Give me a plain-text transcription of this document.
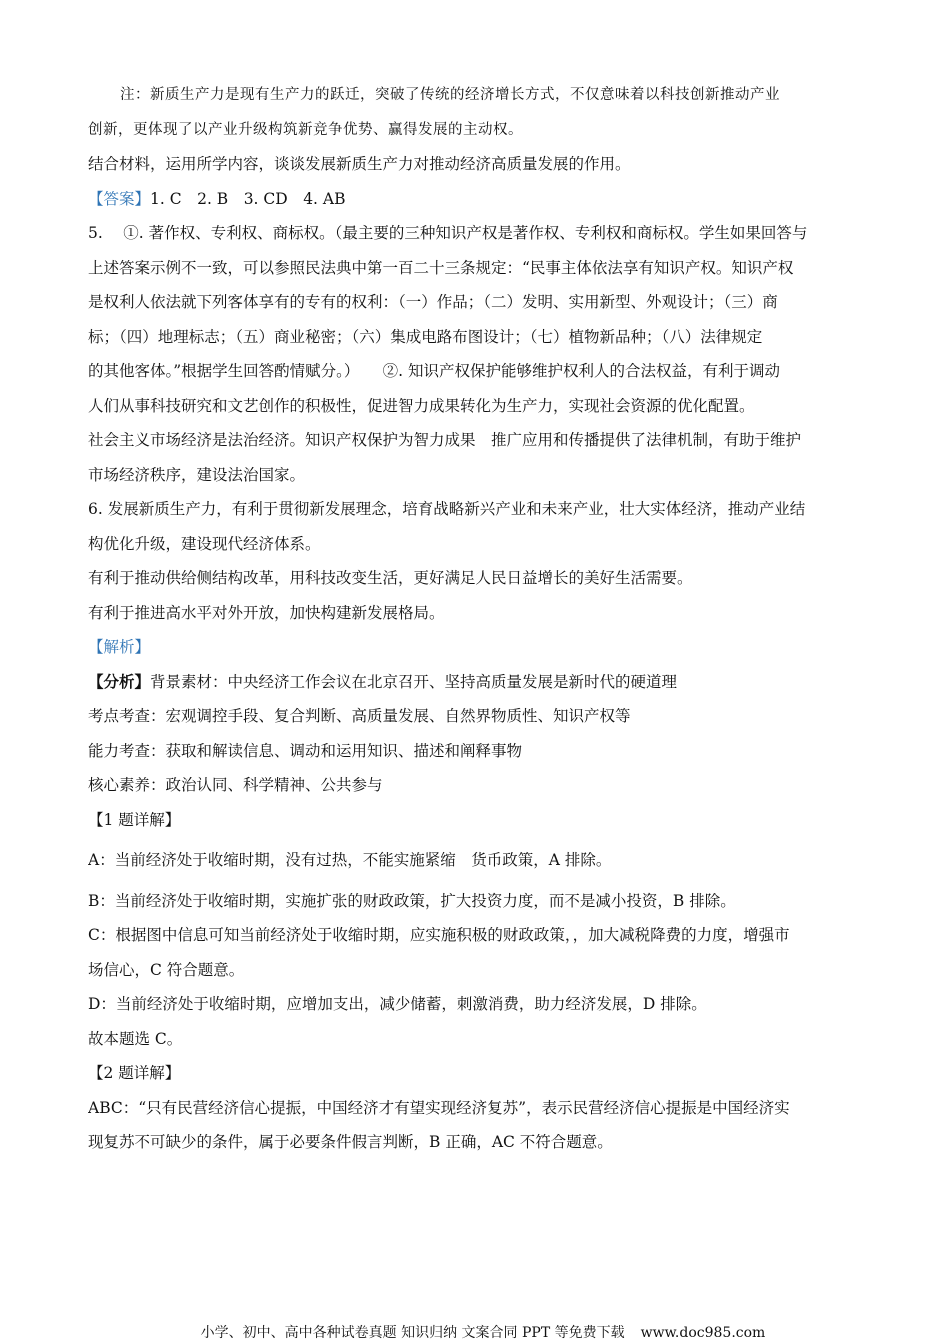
注：新质生产力是现有生产力的跃迁，突破了传统的经济增长方式，不仅意味着以科技创新推动产业
创新，更体现了以产业升级构筑新竞争优势、赢得发展的主动权。
结合材料，运用所学内容，谈谈发展新质生产力对推动经济高质量发展的作用。
【答案】1. C　2. B　3. CD　4. AB
5.　 ①. 著作权、专利权、商标权。（最主要的三种知识产权是著作权、专利权和商标权。学生如果回答与
上述答案示例不一致，可以参照民法典中第一百二十三条规定：“民事主体依法享有知识产权。知识产权
是权利人依法就下列客体享有的专有的权利：（一）作品；（二）发明、实用新型、外观设计；（三）商
标；（四）地理标志；（五）商业秘密；（六）集成电路布图设计；（七）植物新品种；（八）法律规定
的其他客体。”根据学生回答酌情赋分。）　　②. 知识产权保护能够维护权利人的合法权益，有利于调动
人们从事科技研究和文艺创作的积极性，促进智力成果转化为生产力，实现社会资源的优化配置。
社会主义市场经济是法治经济。知识产权保护为智力成果　推广应用和传播提供了法律机制，有助于维护
市场经济秩序，建设法治国家。
6. 发展新质生产力，有利于贯彻新发展理念，培育战略新兴产业和未来产业，壮大实体经济，推动产业结
构优化升级，建设现代经济体系。
有利于推动供给侧结构改革，用科技改变生活，更好满足人民日益增长的美好生活需要。
有利于推进高水平对外开放，加快构建新发展格局。
【解析】
【分析】背景素材：中央经济工作会议在北京召开、坚持高质量发展是新时代的硬道理
考点考查：宏观调控手段、复合判断、高质量发展、自然界物质性、知识产权等
能力考查：获取和解读信息、调动和运用知识、描述和阐释事物
核心素养：政治认同、科学精神、公共参与
【1 题详解】
A：当前经济处于收缩时期，没有过热，不能实施紧缩　货币政策，A 排除。
B：当前经济处于收缩时期，实施扩张的财政政策，扩大投资力度，而不是减小投资，B 排除。
C：根据图中信息可知当前经济处于收缩时期，应实施积极的财政政策，，加大减税降费的力度，增强市
场信心，C 符合题意。
D：当前经济处于收缩时期，应增加支出，减少储蓄，刺激消费，助力经济发展，D 排除。
故本题选 C。
【2 题详解】
ABC：“只有民营经济信心提振，中国经济才有望实现经济复苏”，表示民营经济信心提振是中国经济实
现复苏不可缺少的条件，属于必要条件假言判断，B 正确，AC 不符合题意。
小学、初中、高中各种试卷真题 知识归纳 文案合同 PPT 等免费下载 www.doc985.com
